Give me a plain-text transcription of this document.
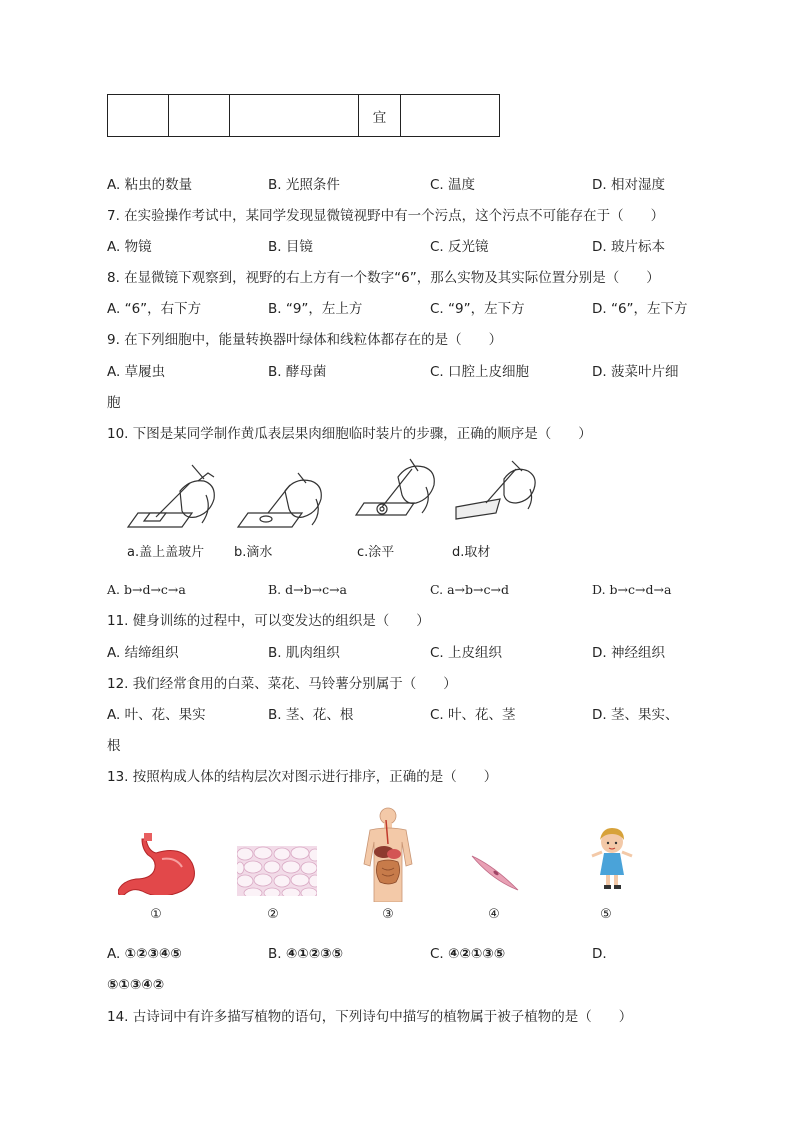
			宜	
A. 粘虫的数量	B. 光照条件	C. 温度	D. 相对湿度
7. 在实验操作考试中，某同学发现显微镜视野中有一个污点，这个污点不可能存在于（　　）
A. 物镜	B. 目镜	C. 反光镜	D. 玻片标本
8. 在显微镜下观察到，视野的右上方有一个数字“6”，那么实物及其实际位置分别是（　　）
A. “6”，右下方	B. “9”，左上方	C. “9”，左下方	D. “6”，左下方
9. 在下列细胞中，能量转换器叶绿体和线粒体都存在的是（　　）
A. 草履虫	B. 酵母菌	C. 口腔上皮细胞	D. 菠菜叶片细
胞
10. 下图是某同学制作黄瓜表层果肉细胞临时装片的步骤，正确的顺序是（　　）
a.盖上盖玻片 b.滴水	c.涂平	d.取材
A. b→d→c→a	B. d→b→c→a	C. a→b→c→d	D. b→c→d→a
11. 健身训练的过程中，可以变发达的组织是（　　）
A. 结缔组织	B. 肌肉组织	C. 上皮组织	D. 神经组织
12. 我们经常食用的白菜、菜花、马铃薯分别属于（　　）
A. 叶、花、果实	B. 茎、花、根	C. 叶、花、茎	D. 茎、果实、
根
13. 按照构成人体的结构层次对图示进行排序，正确的是（　　）
①	②	③	④	⑤
A. ①②③④⑤	B. ④①②③⑤	C. ④②①③⑤	D.
⑤①③④②
14. 古诗词中有许多描写植物的语句，下列诗句中描写的植物属于被子植物的是（　　）
